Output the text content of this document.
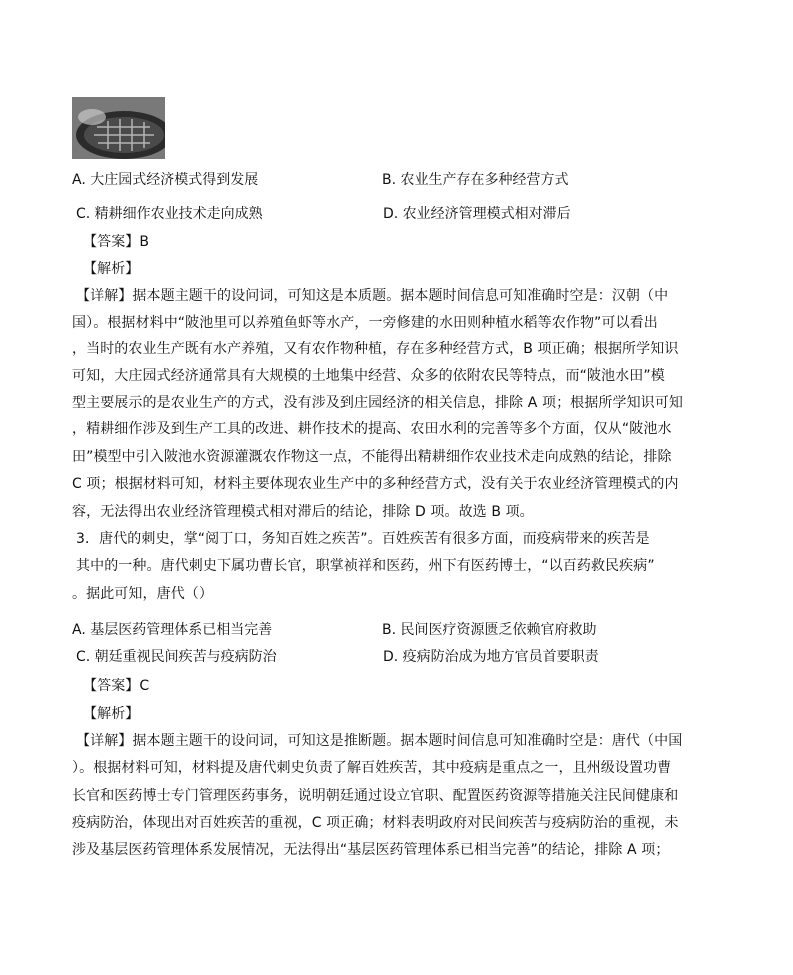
A. 大庄园式经济模式得到发展	B. 农业生产存在多种经营方式
C. 精耕细作农业技术走向成熟	D. 农业经济管理模式相对滞后
【答案】B
【解析】
【详解】据本题主题干的设问词，可知这是本质题。据本题时间信息可知准确时空是：汉朝（中
国）。根据材料中“陂池里可以养殖鱼虾等水产，一旁修建的水田则种植水稻等农作物”可以看出
，当时的农业生产既有水产养殖，又有农作物种植，存在多种经营方式，B 项正确；根据所学知识
可知，大庄园式经济通常具有大规模的土地集中经营、众多的依附农民等特点，而“陂池水田”模
型主要展示的是农业生产的方式，没有涉及到庄园经济的相关信息，排除 A 项；根据所学知识可知
，精耕细作涉及到生产工具的改进、耕作技术的提高、农田水利的完善等多个方面，仅从“陂池水
田”模型中引入陂池水资源灌溉农作物这一点，不能得出精耕细作农业技术走向成熟的结论，排除
C 项；根据材料可知，材料主要体现农业生产中的多种经营方式，没有关于农业经济管理模式的内
容，无法得出农业经济管理模式相对滞后的结论，排除 D 项。故选 B 项。
3．唐代的刺史，掌“阅丁口，务知百姓之疾苦”。百姓疾苦有很多方面，而疫病带来的疾苦是
其中的一种。唐代刺史下属功曹长官，职掌祯祥和医药，州下有医药博士，“以百药救民疾病”
。据此可知，唐代（）
A. 基层医药管理体系已相当完善	B. 民间医疗资源匮乏依赖官府救助
C. 朝廷重视民间疾苦与疫病防治	D. 疫病防治成为地方官员首要职责
【答案】C
【解析】
【详解】据本题主题干的设问词，可知这是推断题。据本题时间信息可知准确时空是：唐代（中国
）。根据材料可知，材料提及唐代刺史负责了解百姓疾苦，其中疫病是重点之一，且州级设置功曹
长官和医药博士专门管理医药事务，说明朝廷通过设立官职、配置医药资源等措施关注民间健康和
疫病防治，体现出对百姓疾苦的重视，C 项正确；材料表明政府对民间疾苦与疫病防治的重视，未
涉及基层医药管理体系发展情况，无法得出“基层医药管理体系已相当完善”的结论，排除 A 项；
